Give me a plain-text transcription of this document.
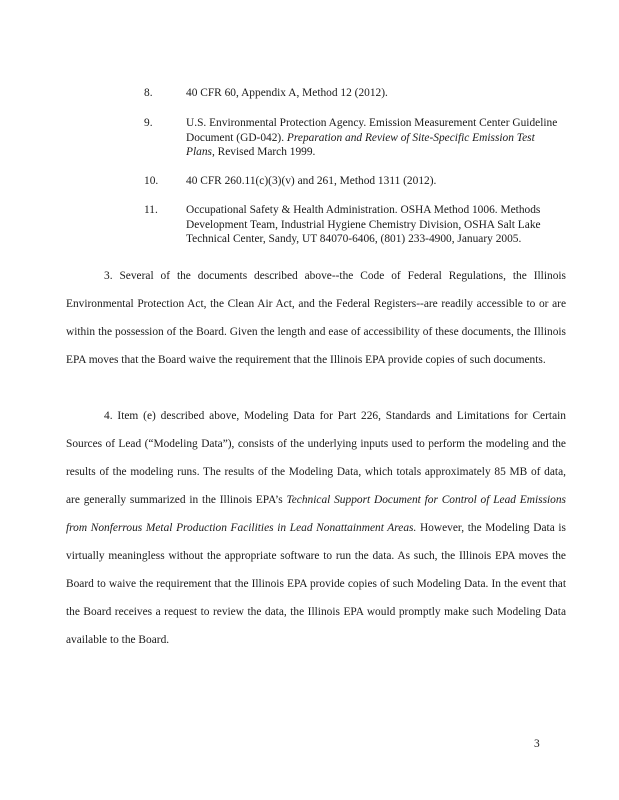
8.	40 CFR 60, Appendix A, Method 12 (2012).
9.	U.S. Environmental Protection Agency. Emission Measurement Center Guideline Document (GD-042). Preparation and Review of Site-Specific Emission Test Plans, Revised March 1999.
10. 40 CFR 260.11(c)(3)(v) and 261, Method 1311 (2012).
11. Occupational Safety & Health Administration. OSHA Method 1006. Methods Development Team, Industrial Hygiene Chemistry Division, OSHA Salt Lake Technical Center, Sandy, UT 84070-6406, (801) 233-4900, January 2005.

3. Several of the documents described above--the Code of Federal Regulations, the Illinois Environmental Protection Act, the Clean Air Act, and the Federal Registers--are readily accessible to or are within the possession of the Board. Given the length and ease of accessibility of these documents, the Illinois EPA moves that the Board waive the requirement that the Illinois EPA provide copies of such documents.

4. Item (e) described above, Modeling Data for Part 226, Standards and Limitations for Certain Sources of Lead (“Modeling Data”), consists of the underlying inputs used to perform the modeling and the results of the modeling runs. The results of the Modeling Data, which totals approximately 85 MB of data, are generally summarized in the Illinois EPA’s Technical Support Document for Control of Lead Emissions from Nonferrous Metal Production Facilities in Lead Nonattainment Areas. However, the Modeling Data is virtually meaningless without the appropriate software to run the data. As such, the Illinois EPA moves the Board to waive the requirement that the Illinois EPA provide copies of such Modeling Data. In the event that the Board receives a request to review the data, the Illinois EPA would promptly make such Modeling Data available to the Board.

3
